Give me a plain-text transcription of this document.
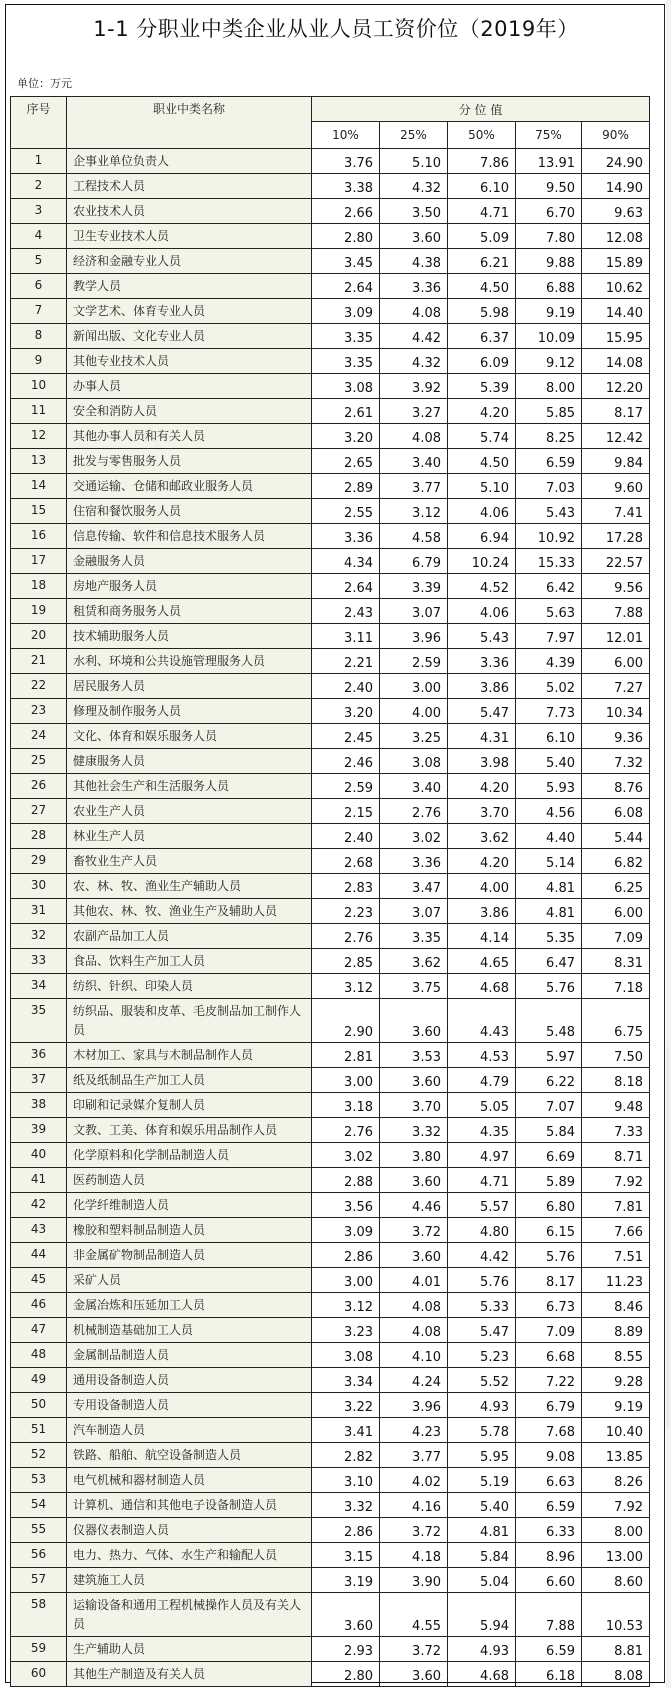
1-1 分职业中类企业从业人员工资价位（2019年）
单位：万元
序号	职业中类名称	分 位 值				
		10%	25%	50%	75%	90%
1	企事业单位负责人	3.76	5.10	7.86	13.91	24.90
2	工程技术人员	3.38	4.32	6.10	9.50	14.90
3	农业技术人员	2.66	3.50	4.71	6.70	9.63
4	卫生专业技术人员	2.80	3.60	5.09	7.80	12.08
5	经济和金融专业人员	3.45	4.38	6.21	9.88	15.89
6	教学人员	2.64	3.36	4.50	6.88	10.62
7	文学艺术、体育专业人员	3.09	4.08	5.98	9.19	14.40
8	新闻出版、文化专业人员	3.35	4.42	6.37	10.09	15.95
9	其他专业技术人员	3.35	4.32	6.09	9.12	14.08
10	办事人员	3.08	3.92	5.39	8.00	12.20
11	安全和消防人员	2.61	3.27	4.20	5.85	8.17
12	其他办事人员和有关人员	3.20	4.08	5.74	8.25	12.42
13	批发与零售服务人员	2.65	3.40	4.50	6.59	9.84
14	交通运输、仓储和邮政业服务人员	2.89	3.77	5.10	7.03	9.60
15	住宿和餐饮服务人员	2.55	3.12	4.06	5.43	7.41
16	信息传输、软件和信息技术服务人员	3.36	4.58	6.94	10.92	17.28
17	金融服务人员	4.34	6.79	10.24	15.33	22.57
18	房地产服务人员	2.64	3.39	4.52	6.42	9.56
19	租赁和商务服务人员	2.43	3.07	4.06	5.63	7.88
20	技术辅助服务人员	3.11	3.96	5.43	7.97	12.01
21	水利、环境和公共设施管理服务人员	2.21	2.59	3.36	4.39	6.00
22	居民服务人员	2.40	3.00	3.86	5.02	7.27
23	修理及制作服务人员	3.20	4.00	5.47	7.73	10.34
24	文化、体育和娱乐服务人员	2.45	3.25	4.31	6.10	9.36
25	健康服务人员	2.46	3.08	3.98	5.40	7.32
26	其他社会生产和生活服务人员	2.59	3.40	4.20	5.93	8.76
27	农业生产人员	2.15	2.76	3.70	4.56	6.08
28	林业生产人员	2.40	3.02	3.62	4.40	5.44
29	畜牧业生产人员	2.68	3.36	4.20	5.14	6.82
30	农、林、牧、渔业生产辅助人员	2.83	3.47	4.00	4.81	6.25
31	其他农、林、牧、渔业生产及辅助人员	2.23	3.07	3.86	4.81	6.00
32	农副产品加工人员	2.76	3.35	4.14	5.35	7.09
33	食品、饮料生产加工人员	2.85	3.62	4.65	6.47	8.31
34	纺织、针织、印染人员	3.12	3.75	4.68	5.76	7.18
35	纺织品、服装和皮革、毛皮制品加工制作人员	2.90	3.60	4.43	5.48	6.75
36	木材加工、家具与木制品制作人员	2.81	3.53	4.53	5.97	7.50
37	纸及纸制品生产加工人员	3.00	3.60	4.79	6.22	8.18
38	印刷和记录媒介复制人员	3.18	3.70	5.05	7.07	9.48
39	文教、工美、体育和娱乐用品制作人员	2.76	3.32	4.35	5.84	7.33
40	化学原料和化学制品制造人员	3.02	3.80	4.97	6.69	8.71
41	医药制造人员	2.88	3.60	4.71	5.89	7.92
42	化学纤维制造人员	3.56	4.46	5.57	6.80	7.81
43	橡胶和塑料制品制造人员	3.09	3.72	4.80	6.15	7.66
44	非金属矿物制品制造人员	2.86	3.60	4.42	5.76	7.51
45	采矿人员	3.00	4.01	5.76	8.17	11.23
46	金属冶炼和压延加工人员	3.12	4.08	5.33	6.73	8.46
47	机械制造基础加工人员	3.23	4.08	5.47	7.09	8.89
48	金属制品制造人员	3.08	4.10	5.23	6.68	8.55
49	通用设备制造人员	3.34	4.24	5.52	7.22	9.28
50	专用设备制造人员	3.22	3.96	4.93	6.79	9.19
51	汽车制造人员	3.41	4.23	5.78	7.68	10.40
52	铁路、船舶、航空设备制造人员	2.82	3.77	5.95	9.08	13.85
53	电气机械和器材制造人员	3.10	4.02	5.19	6.63	8.26
54	计算机、通信和其他电子设备制造人员	3.32	4.16	5.40	6.59	7.92
55	仪器仪表制造人员	2.86	3.72	4.81	6.33	8.00
56	电力、热力、气体、水生产和输配人员	3.15	4.18	5.84	8.96	13.00
57	建筑施工人员	3.19	3.90	5.04	6.60	8.60
58	运输设备和通用工程机械操作人员及有关人员	3.60	4.55	5.94	7.88	10.53
59	生产辅助人员	2.93	3.72	4.93	6.59	8.81
60	其他生产制造及有关人员	2.80	3.60	4.68	6.18	8.08
